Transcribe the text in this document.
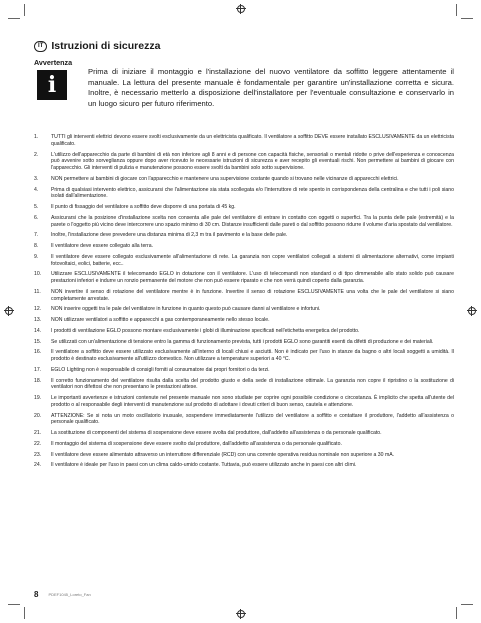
IT Istruzioni di sicurezza
Avvertenza
i
Prima di iniziare il montaggio e l'installazione del nuovo ventilatore da soffitto leggere attentamente il manuale. La lettura del presente manuale è fondamentale per garantire un'installazione corretta e sicura. Inoltre, è necessario metterlo a disposizione dell'installatore per l'eventuale consultazione e conservarlo in un luogo sicuro per futuro riferimento.
1.	TUTTI gli interventi elettrici devono essere svolti esclusivamente da un elettricista qualificato. Il ventilatore a soffitto DEVE essere installato ESCLUSIVAMENTE da un elettricista qualificato.
2.	L'utilizzo dell'apparecchio da parte di bambini di età non inferiore agli 8 anni e di persone con capacità fisiche, sensoriali o mentali ridotte o prive dell'esperienza e conoscenza può avvenire sotto sorveglianza oppure dopo aver ricevuto le necessarie istruzioni di sicurezza e aver recepito gli eventuali rischi. Non permettere ai bambini di giocare con l'apparecchio. Gli interventi di pulizia e manutenzione possono essere svolti da bambini solo sotto supervisione.
3.	NON permettere ai bambini di giocare con l'apparecchio e mantenere una supervisione costante quando si trovano nelle vicinanze di apparecchi elettrici.
4.	Prima di qualsiasi intervento elettrico, assicurarsi che l'alimentazione sia stata scollegata e/o l'interruttore di rete spento in corrispondenza della centralina e che tutti i poli siano isolati dall'alimentazione.
5.	Il punto di fissaggio del ventilatore a soffitto deve disporre di una portata di 45 kg.
6.	Assicurarsi che la posizione d'installazione scelta non consenta alle pale del ventilatore di entrare in contatto con oggetti o superfici. Tra la punta delle pale (estremità) e la parete o l'oggetto più vicino deve intercorrere uno spazio minimo di 30 cm. Distanze insufficienti dalle pareti o dal soffitto possono ridurre il volume d'aria spostato dal ventilatore.
7.	Inoltre, l'installazione deve prevedere una distanza minima di 2,3 m tra il pavimento e la base delle pale.
8.	Il ventilatore deve essere collegato alla terra.
9.	Il ventilatore deve essere collegato esclusivamente all'alimentazione di rete. La garanzia non copre ventilatori collegati a sistemi di alimentazione alternativi, come impianti fotovoltaici, eolici, batterie, ecc..
10.	Utilizzare ESCLUSIVAMENTE il telecomando EGLO in dotazione con il ventilatore. L'uso di telecomandi non standard o di tipo dimmerabile allo stato solido può causare prestazioni inferiori e indurre un ronzio permanente del motore che non può essere riparato e che non verrà quindi coperto dalla garanzia.
11.	NON invertire il senso di rotazione del ventilatore mentre è in funzione. Invertire il senso di rotazione ESCLUSIVAMENTE una volta che le pale del ventilatore si siano completamente arrestate.
12.	NON inserire oggetti tra le pale del ventilatore in funzione in quanto questo può causare danni al ventilatore e infortuni.
13.	NON utilizzare ventilatori a soffitto e apparecchi a gas contemporaneamente nello stesso locale.
14.	I prodotti di ventilazione EGLO possono montare esclusivamente i globi di illuminazione specificati nell'etichetta energetica del prodotto.
15.	Se utilizzati con un'alimentazione di tensione entro la gamma di funzionamento prevista, tutti i prodotti EGLO sono garantiti esenti da difetti di produzione e dei materiali.
16.	Il ventilatore a soffitto deve essere utilizzato esclusivamente all'interno di locali chiusi e asciutti. Non è indicato per l'uso in stanze da bagno o altri locali soggetti a umidità. Il prodotto è destinato esclusivamente all'utilizzo domestico. Non utilizzare a temperature superiori a 40 °C.
17.	EGLO Lighting non è responsabile di consigli forniti al consumatore dai propri fornitori o da terzi.
18.	Il corretto funzionamento del ventilatore risulta dalla scelta del prodotto giusto e della sede di installazione ottimale. La garanzia non copre il ripristino o la sostituzione di ventilatori non difettosi che non presentano le prestazioni attese.
19.	Le importanti avvertenze e istruzioni contenute nel presente manuale non sono studiate per coprire ogni possibile condizione o circostanza. È implicito che spetta all'utente del prodotto o al responsabile degli interventi di manutenzione sul prodotto di adottare i dovuti criteri di buon senso, cautela e attenzione.
20.	ATTENZIONE: Se si nota un moto oscillatorio inusuale, sospendere immediatamente l'utilizzo del ventilatore a soffitto e contattare il produttore, l'addetto all'assistenza o personale qualificato.
21.	La sostituzione di componenti del sistema di sospensione deve essere svolta dal produttore, dall'addetto all'assistenza o da personale qualificato.
22.	Il montaggio del sistema di sospensione deve essere svolto dal produttore, dall'addetto all'assistenza o da personale qualificato.
23.	Il ventilatore deve essere alimentato attraverso un interruttore differenziale (RCD) con una corrente operativa residua nominale non superiore a 30 mA.
24.	Il ventilatore è ideale per l'uso in paesi con un clima caldo-umido costante. Tuttavia, può essere utilizzato anche in paesi con altri climi.
8	PDEF1045_Loreto_Fan
